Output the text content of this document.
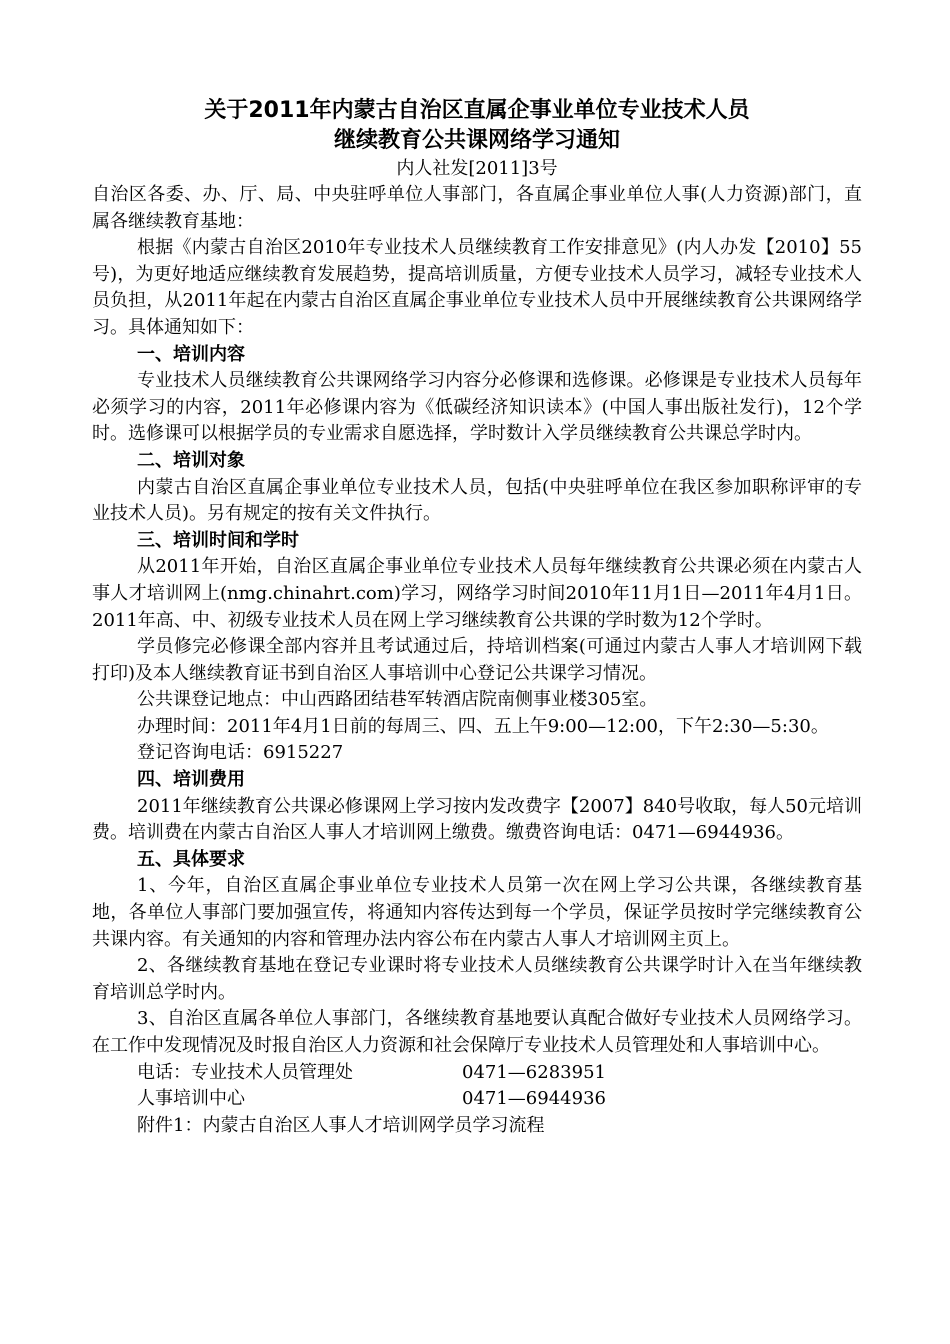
关于2011年内蒙古自治区直属企事业单位专业技术人员

继续教育公共课网络学习通知

内人社发[2011]3号

自治区各委、办、厅、局、中央驻呼单位人事部门，各直属企事业单位人事(人力资源)部门，直属各继续教育基地：

根据《内蒙古自治区2010年专业技术人员继续教育工作安排意见》(内人办发【2010】55号)，为更好地适应继续教育发展趋势，提高培训质量，方便专业技术人员学习，减轻专业技术人员负担，从2011年起在内蒙古自治区直属企事业单位专业技术人员中开展继续教育公共课网络学习。具体通知如下：

一、培训内容

专业技术人员继续教育公共课网络学习内容分必修课和选修课。必修课是专业技术人员每年必须学习的内容，2011年必修课内容为《低碳经济知识读本》(中国人事出版社发行)，12个学时。选修课可以根据学员的专业需求自愿选择，学时数计入学员继续教育公共课总学时内。

二、培训对象

内蒙古自治区直属企事业单位专业技术人员，包括(中央驻呼单位在我区参加职称评审的专业技术人员)。另有规定的按有关文件执行。

三、培训时间和学时

从2011年开始，自治区直属企事业单位专业技术人员每年继续教育公共课必须在内蒙古人事人才培训网上(nmg.chinahrt.com)学习，网络学习时间2010年11月1日—2011年4月1日。2011年高、中、初级专业技术人员在网上学习继续教育公共课的学时数为12个学时。

学员修完必修课全部内容并且考试通过后，持培训档案(可通过内蒙古人事人才培训网下载打印)及本人继续教育证书到自治区人事培训中心登记公共课学习情况。

公共课登记地点：中山西路团结巷军转酒店院南侧事业楼305室。

办理时间：2011年4月1日前的每周三、四、五上午9:00—12:00，下午2:30—5:30。

登记咨询电话：6915227

四、培训费用

2011年继续教育公共课必修课网上学习按内发改费字【2007】840号收取，每人50元培训费。培训费在内蒙古自治区人事人才培训网上缴费。缴费咨询电话：0471—6944936。

五、具体要求

1、今年，自治区直属企事业单位专业技术人员第一次在网上学习公共课，各继续教育基地，各单位人事部门要加强宣传，将通知内容传达到每一个学员，保证学员按时学完继续教育公共课内容。有关通知的内容和管理办法内容公布在内蒙古人事人才培训网主页上。

2、各继续教育基地在登记专业课时将专业技术人员继续教育公共课学时计入在当年继续教育培训总学时内。

3、自治区直属各单位人事部门，各继续教育基地要认真配合做好专业技术人员网络学习。在工作中发现情况及时报自治区人力资源和社会保障厅专业技术人员管理处和人事培训中心。

电话：专业技术人员管理处	0471—6283951
人事培训中心	0471—6944936

附件1：内蒙古自治区人事人才培训网学员学习流程
